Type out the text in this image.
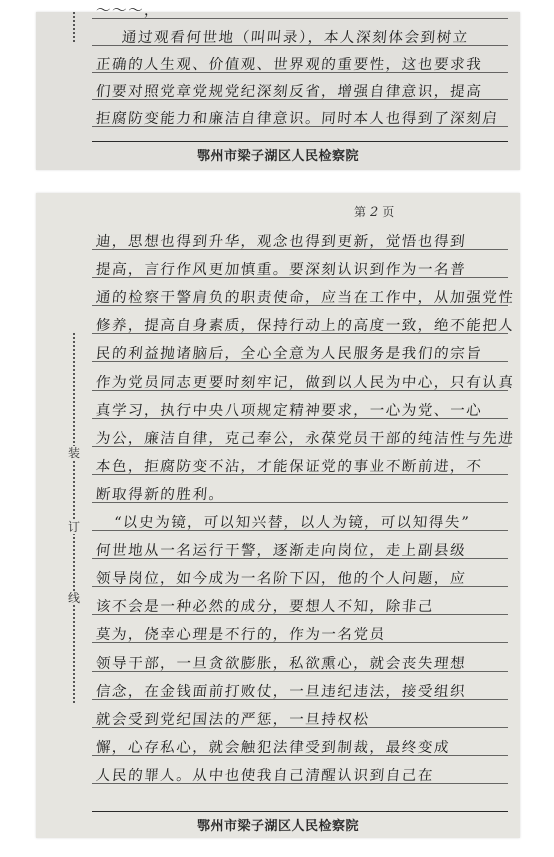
～～～，
通过观看何世地（叫叫录），本人深刻体会到树立
正确的人生观、价值观、世界观的重要性，这也要求我
们要对照党章党规党纪深刻反省，增强自律意识，提高
拒腐防变能力和廉洁自律意识。同时本人也得到了深刻启
鄂州市梁子湖区人民检察院
第 2 页
装
订
线
迪，思想也得到升华，观念也得到更新，觉悟也得到
提高，言行作风更加慎重。要深刻认识到作为一名普
通的检察干警肩负的职责使命，应当在工作中，从加强党性
修养，提高自身素质，保持行动上的高度一致，绝不能把人
民的利益抛诸脑后，全心全意为人民服务是我们的宗旨
作为党员同志更要时刻牢记，做到以人民为中心，只有认真
真学习，执行中央八项规定精神要求，一心为党、一心
为公，廉洁自律，克己奉公，永葆党员干部的纯洁性与先进
本色，拒腐防变不沾，才能保证党的事业不断前进，不
断取得新的胜利。
“以史为镜，可以知兴替，以人为镜，可以知得失”
何世地从一名运行干警，逐渐走向岗位，走上副县级
领导岗位，如今成为一名阶下囚，他的个人问题，应
该不会是一种必然的成分，要想人不知，除非己
莫为，侥幸心理是不行的，作为一名党员
领导干部，一旦贪欲膨胀，私欲熏心，就会丧失理想
信念，在金钱面前打败仗，一旦违纪违法，接受组织
就会受到党纪国法的严惩，一旦持权松
懈，心存私心，就会触犯法律受到制裁，最终变成
人民的罪人。从中也使我自己清醒认识到自己在
鄂州市梁子湖区人民检察院
